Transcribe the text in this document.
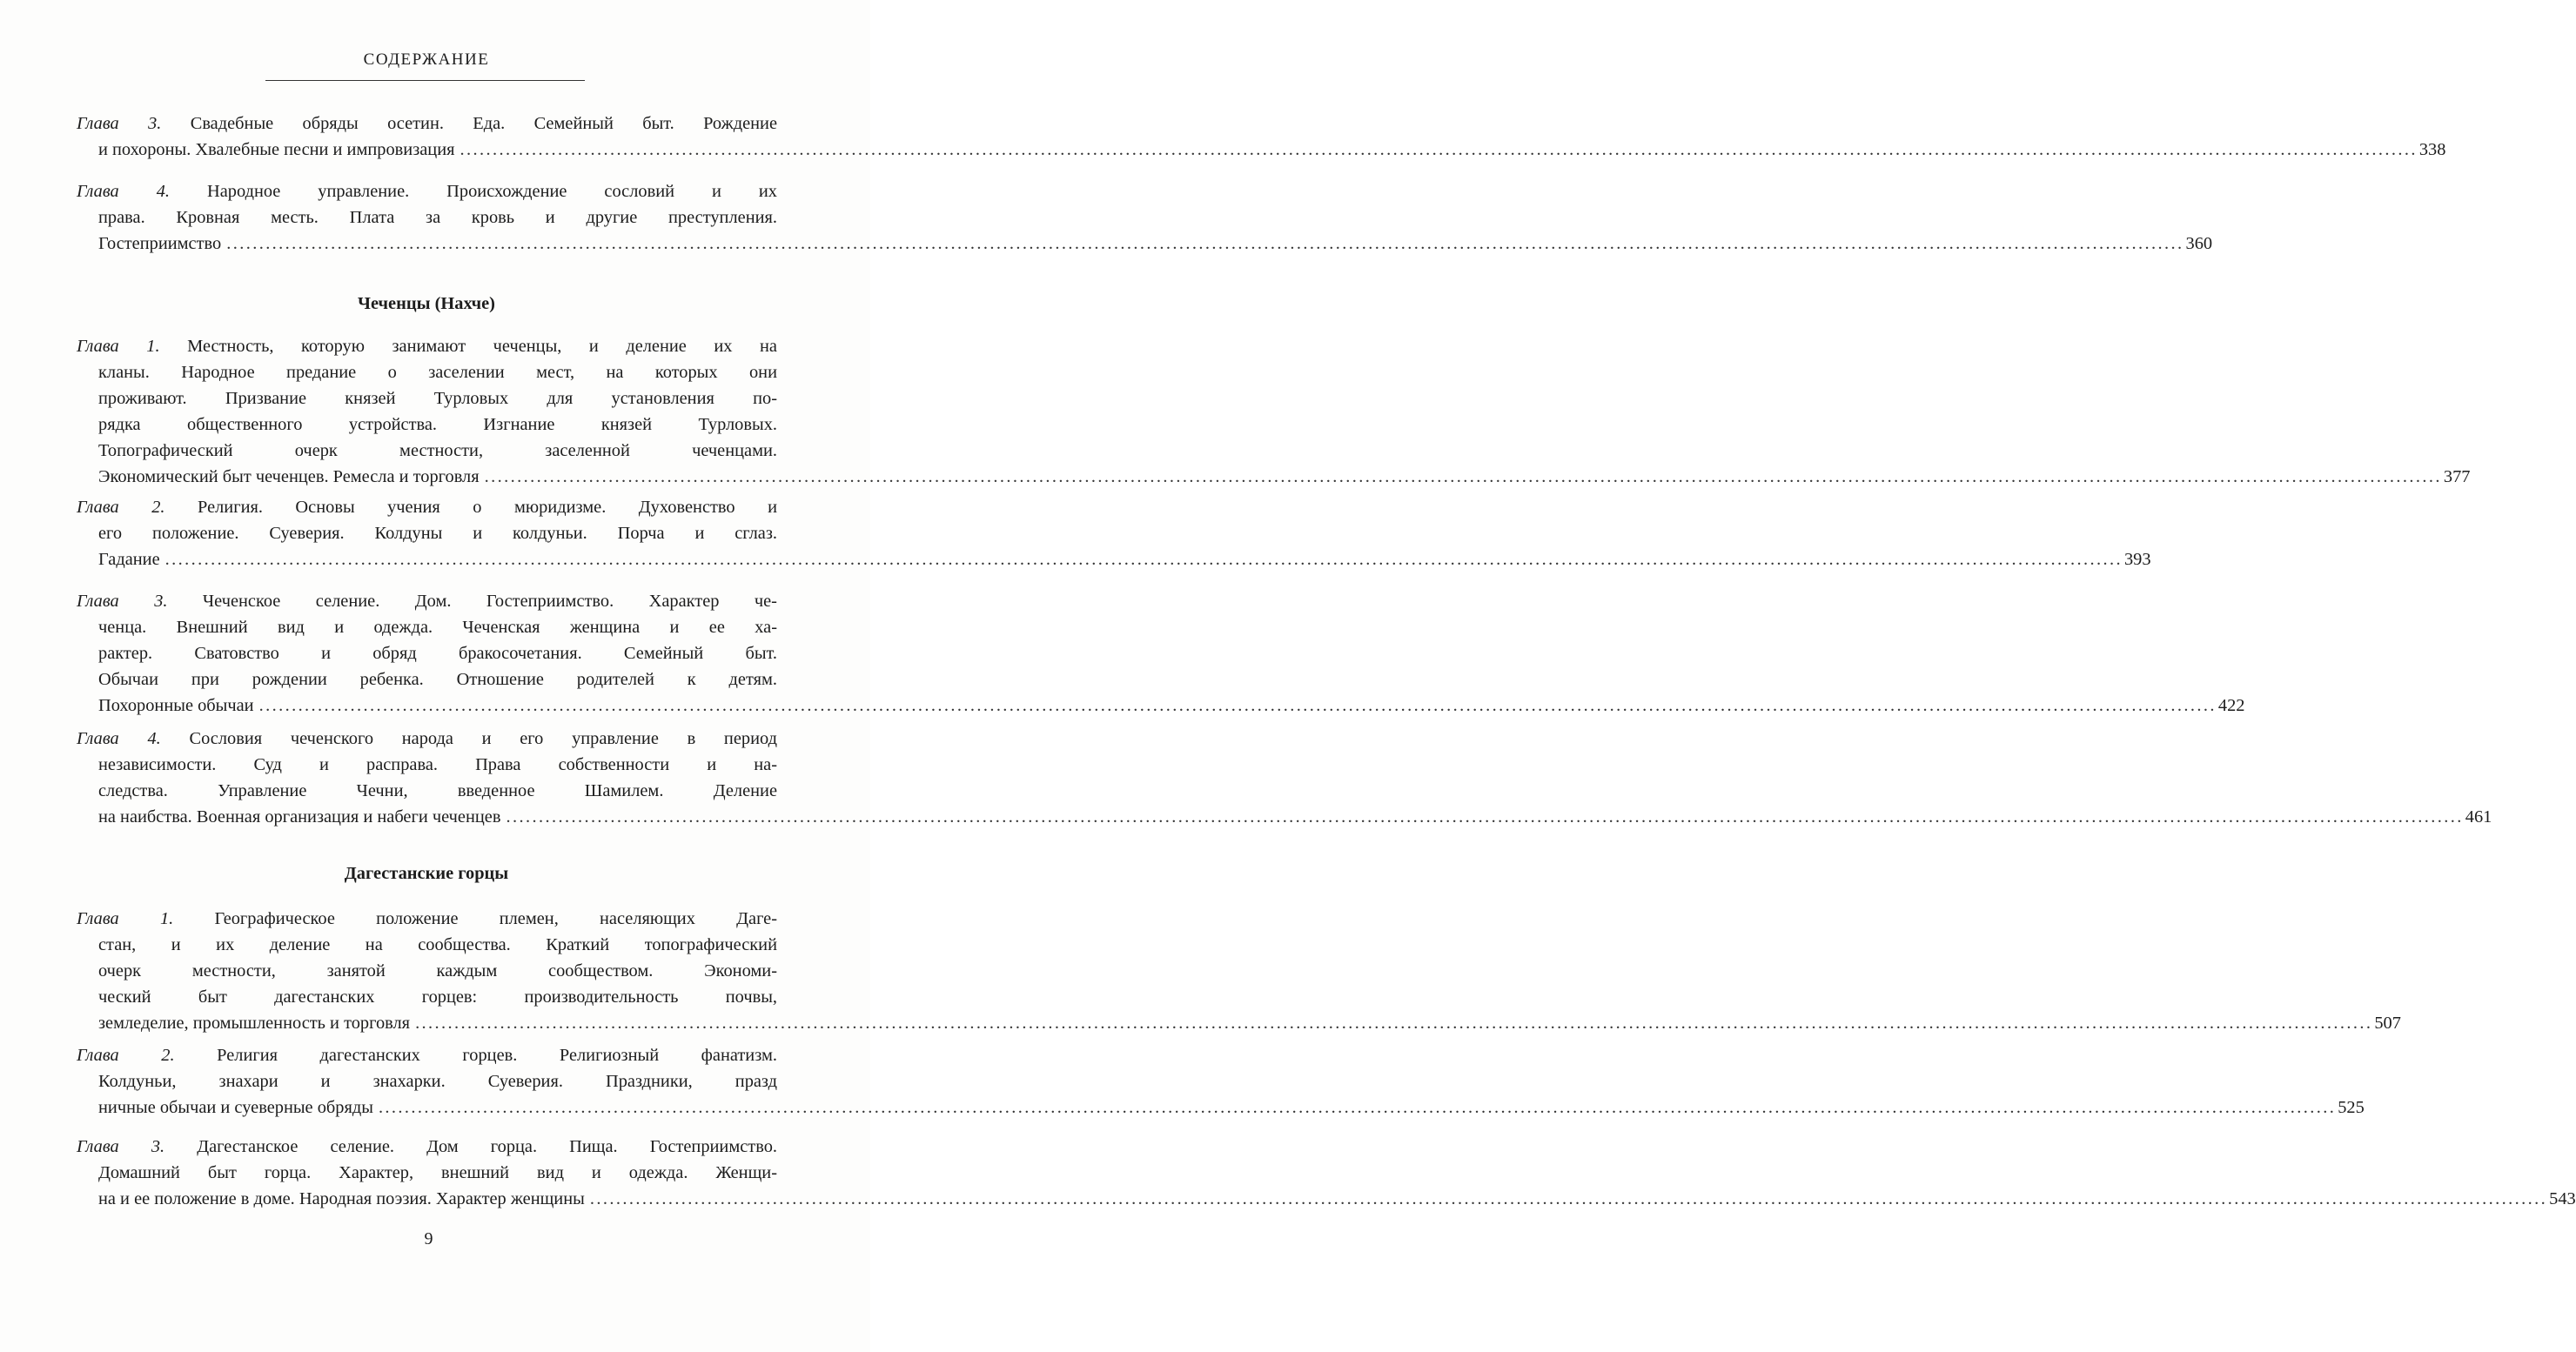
СОДЕРЖАНИЕ
Глава 3. Свадебные обряды осетин. Еда. Семейный быт. Рождение
и похороны. Хвалебные песни и импровизация ............................................................................................................................................................................................................................................................................................................ 338
Глава 4. Народное управление. Происхождение сословий и их
права. Кровная месть. Плата за кровь и другие преступления.
Гостеприимство ............................................................................................................................................................................................................................................................................................................ 360
Чеченцы (Нахче)
Глава 1. Местность, которую занимают чеченцы, и деление их на
кланы. Народное предание о заселении мест, на которых они
проживают. Призвание князей Турловых для установления по-
рядка общественного устройства. Изгнание князей Турловых.
Топографический очерк местности, заселенной чеченцами.
Экономический быт чеченцев. Ремесла и торговля ............................................................................................................................................................................................................................................................................................................ 377
Глава 2. Религия. Основы учения о мюридизме. Духовенство и
его положение. Суеверия. Колдуны и колдуньи. Порча и сглаз.
Гадание ............................................................................................................................................................................................................................................................................................................ 393
Глава 3. Чеченское селение. Дом. Гостеприимство. Характер че-
ченца. Внешний вид и одежда. Чеченская женщина и ее ха-
рактер. Сватовство и обряд бракосочетания. Семейный быт.
Обычаи при рождении ребенка. Отношение родителей к детям.
Похоронные обычаи ............................................................................................................................................................................................................................................................................................................ 422
Глава 4. Сословия чеченского народа и его управление в период
независимости. Суд и расправа. Права собственности и на-
следства. Управление Чечни, введенное Шамилем. Деление
на наибства. Военная организация и набеги чеченцев ............................................................................................................................................................................................................................................................................................................ 461
Дагестанские горцы
Глава 1. Географическое положение племен, населяющих Даге-
стан, и их деление на сообщества. Краткий топографический
очерк местности, занятой каждым сообществом. Экономи-
ческий быт дагестанских горцев: производительность почвы,
земледелие, промышленность и торговля ............................................................................................................................................................................................................................................................................................................ 507
Глава 2. Религия дагестанских горцев. Религиозный фанатизм.
Колдуньи, знахари и знахарки. Суеверия. Праздники, празд
ничные обычаи и суеверные обряды ............................................................................................................................................................................................................................................................................................................ 525
Глава 3. Дагестанское селение. Дом горца. Пища. Гостеприимство.
Домашний быт горца. Характер, внешний вид и одежда. Женщи-
на и ее положение в доме. Народная поэзия. Характер женщины ............................................................................................................................................................................................................................................................................................................ 543
9
